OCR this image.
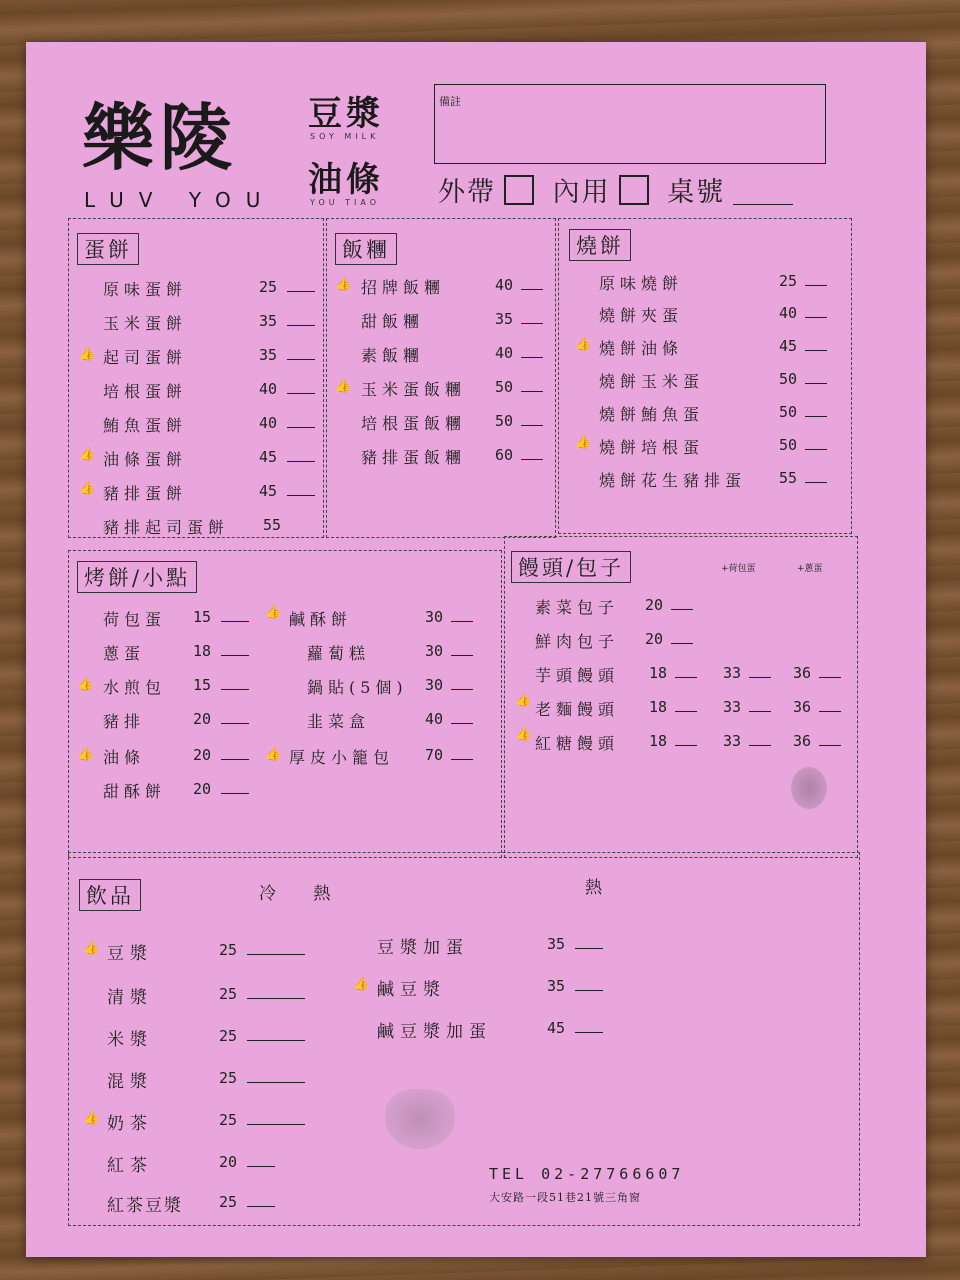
樂陵
LUV YOU
豆漿
SOY MILK
油條
YOU TIAO
備註
外帶 內用 桌號
蛋餅
👍
👍
👍
原味蛋餅	25
玉米蛋餅	35
起司蛋餅	35
培根蛋餅	40
鮪魚蛋餅	40
油條蛋餅	45
豬排蛋餅	45
豬排起司蛋餅 55
飯糰
👍
👍
招牌飯糰	40
甜飯糰	35
素飯糰	40
玉米蛋飯糰 50
培根蛋飯糰 50
豬排蛋飯糰 60
燒餅
👍
👍
原味燒餅	25
燒餅夾蛋	40
燒餅油條	45
燒餅玉米蛋	50
燒餅鮪魚蛋	50
燒餅培根蛋	50
燒餅花生豬排蛋 55
烤餅/小點
👍
👍
👍
👍
荷包蛋 15
蔥蛋	18
水煎包 15
豬排	20
油條	20
甜酥餅 20
鹹酥餅	30
蘿蔔糕	30
鍋貼(5個) 30
韭菜盒	40
厚皮小籠包 70
饅頭/包子	+荷包蛋	+蔥蛋
👍
👍
素菜包子 20
鮮肉包子 20
芋頭饅頭 18	33	36
老麵饅頭 18	33	36
紅糖饅頭 18	33	36
飲品	冷 熱	熱
👍
👍
👍
豆漿	25
清漿	25
米漿	25
混漿	25
奶茶	25
紅茶	20
紅茶豆漿 25
豆漿加蛋	35
鹹豆漿	35
鹹豆漿加蛋	45
TEL 02-27766607
大安路一段51巷21號三角窗
